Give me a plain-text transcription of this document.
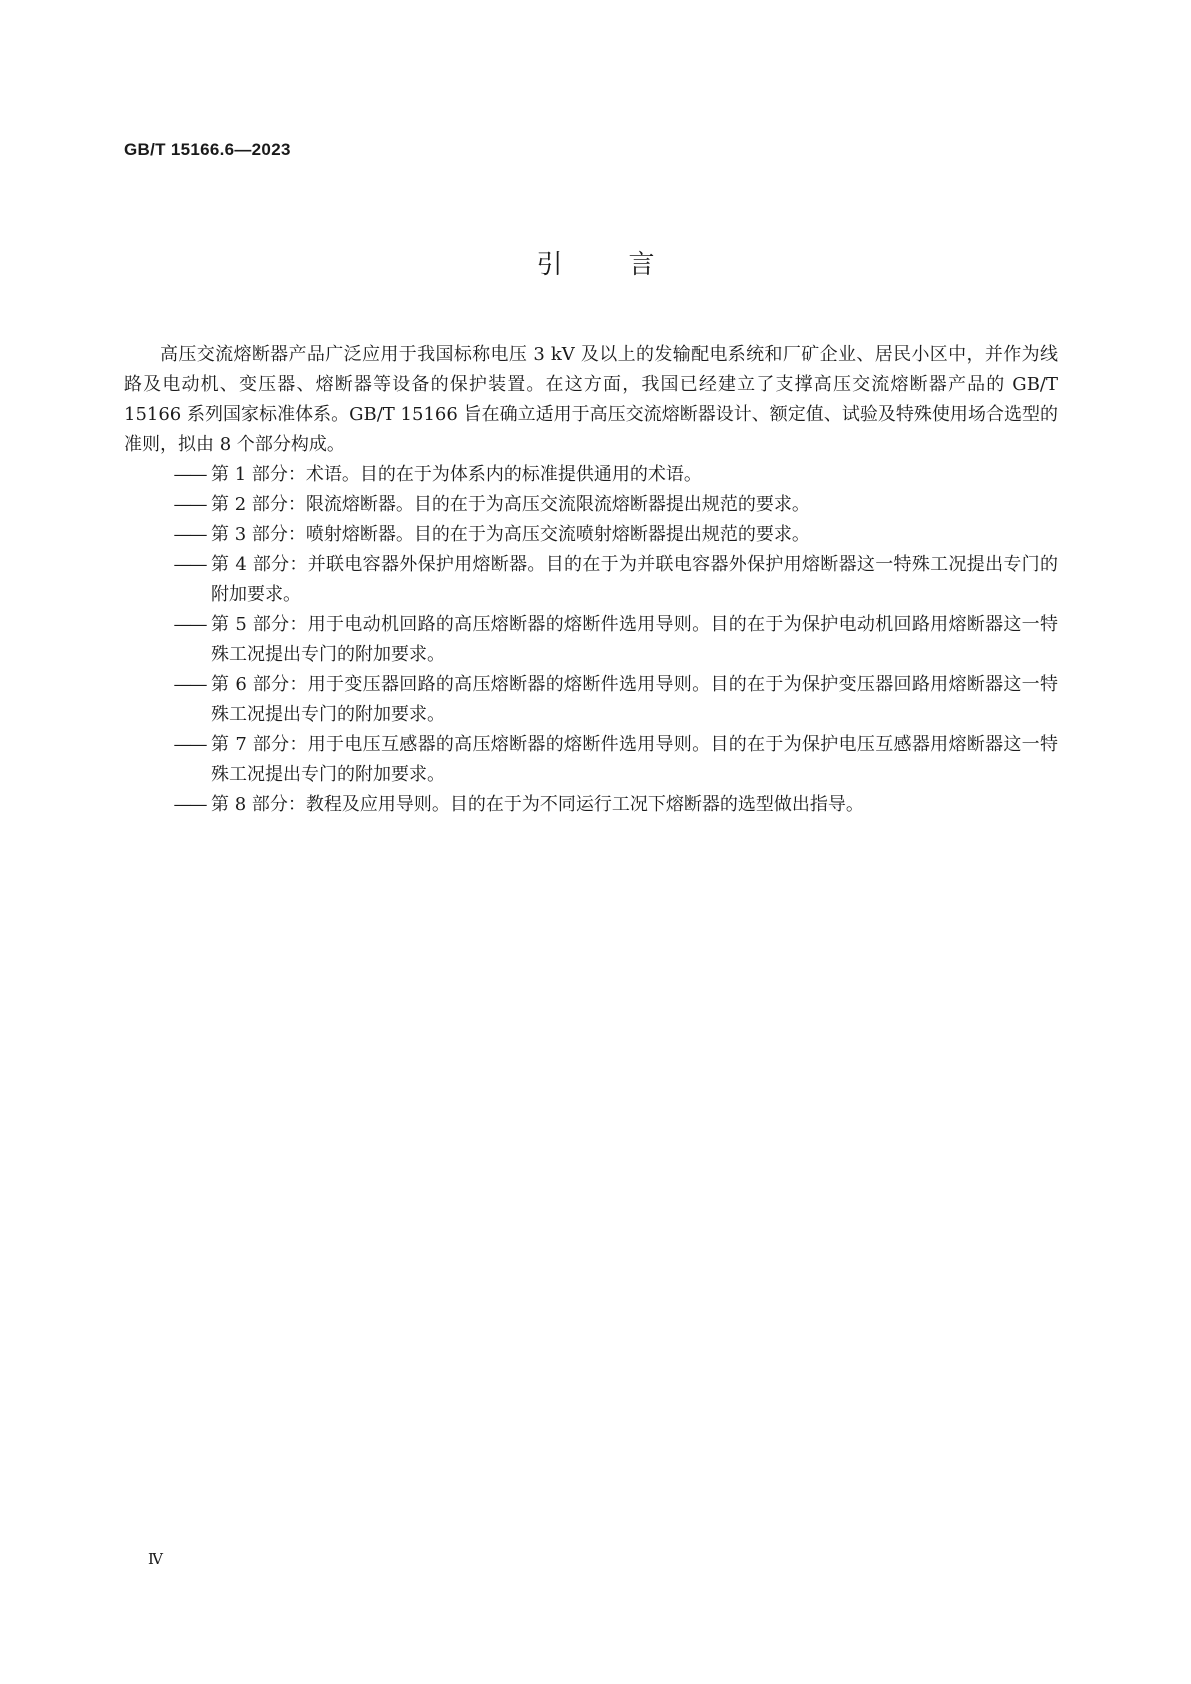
GB/T 15166.6—2023
引言

高压交流熔断器产品广泛应用于我国标称电压 3 kV 及以上的发输配电系统和厂矿企业、居民小区中，并作为线路及电动机、变压器、熔断器等设备的保护装置。在这方面，我国已经建立了支撑高压交流熔断器产品的 GB/T 15166 系列国家标准体系。GB/T 15166 旨在确立适用于高压交流熔断器设计、额定值、试验及特殊使用场合选型的准则，拟由 8 个部分构成。

—— 第 1 部分：术语。目的在于为体系内的标准提供通用的术语。
—— 第 2 部分：限流熔断器。目的在于为高压交流限流熔断器提出规范的要求。
—— 第 3 部分：喷射熔断器。目的在于为高压交流喷射熔断器提出规范的要求。
—— 第 4 部分：并联电容器外保护用熔断器。目的在于为并联电容器外保护用熔断器这一特殊工况提出专门的附加要求。
—— 第 5 部分：用于电动机回路的高压熔断器的熔断件选用导则。目的在于为保护电动机回路用熔断器这一特殊工况提出专门的附加要求。
—— 第 6 部分：用于变压器回路的高压熔断器的熔断件选用导则。目的在于为保护变压器回路用熔断器这一特殊工况提出专门的附加要求。
—— 第 7 部分：用于电压互感器的高压熔断器的熔断件选用导则。目的在于为保护电压互感器用熔断器这一特殊工况提出专门的附加要求。
—— 第 8 部分：教程及应用导则。目的在于为不同运行工况下熔断器的选型做出指导。
Ⅳ
